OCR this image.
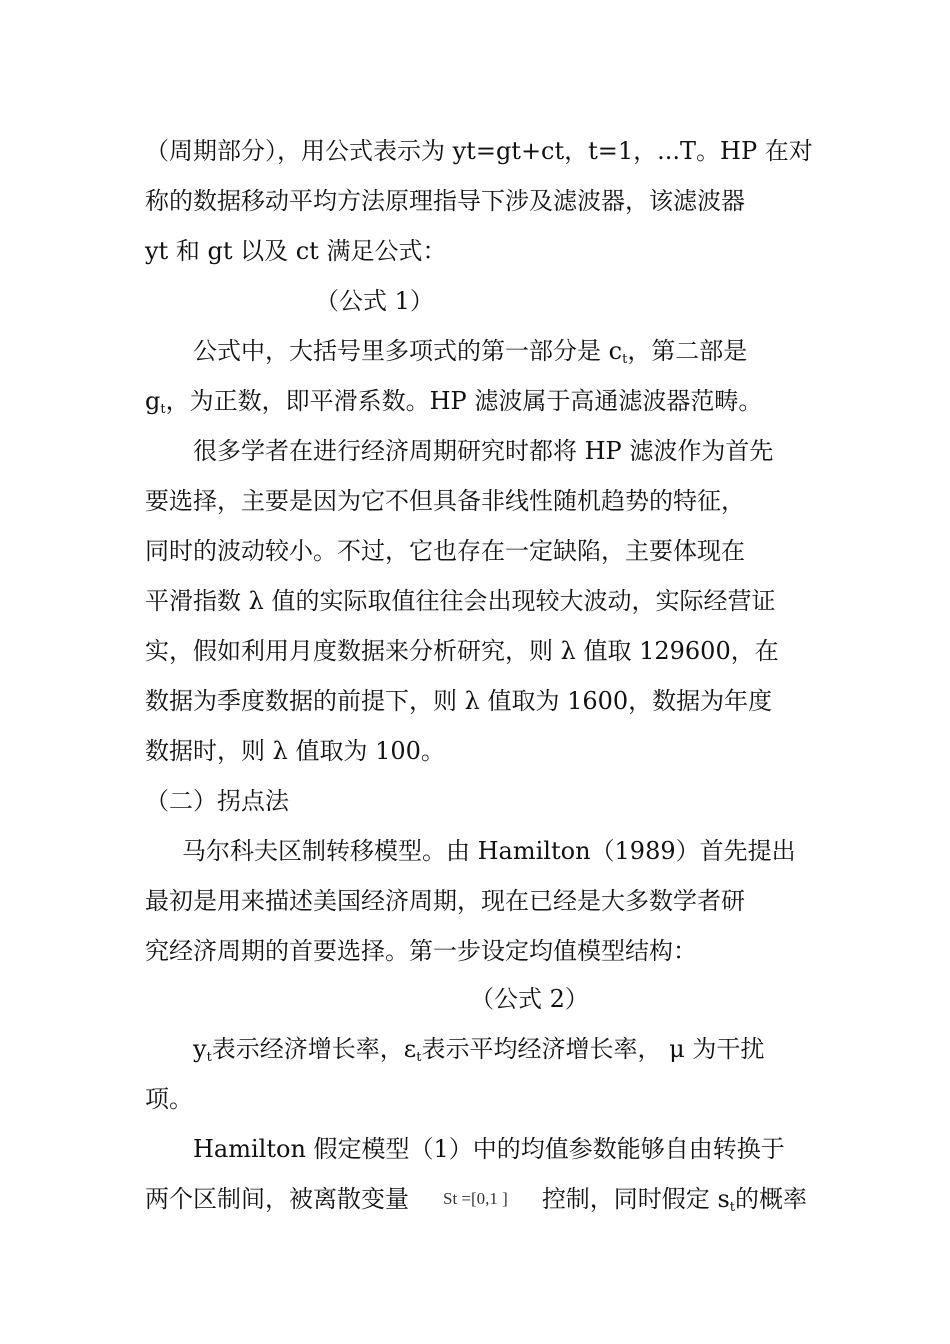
（周期部分），用公式表示为 yt=gt+ct，t=1，...T。HP 在对
称的数据移动平均方法原理指导下涉及滤波器，该滤波器
yt 和 gt 以及 ct 满足公式：
（公式 1）
公式中，大括号里多项式的第一部分是 $c_t$，第二部是
$g_t$，为正数，即平滑系数。HP 滤波属于高通滤波器范畴。
很多学者在进行经济周期研究时都将 HP 滤波作为首先
要选择，主要是因为它不但具备非线性随机趋势的特征，
同时的波动较小。不过，它也存在一定缺陷，主要体现在
平滑指数 λ 值的实际取值往往会出现较大波动，实际经营证
实，假如利用月度数据来分析研究，则 λ 值取 129600，在
数据为季度数据的前提下，则 λ 值取为 1600，数据为年度
数据时，则 λ 值取为 100。
（二）拐点法
马尔科夫区制转移模型。由 Hamilton（1989）首先提出
最初是用来描述美国经济周期，现在已经是大多数学者研
究经济周期的首要选择。第一步设定均值模型结构：
（公式 2）
$y_t$表示经济增长率，$\varepsilon_t$表示平均经济增长率， μ 为干扰
项。
Hamilton 假定模型（1）中的均值参数能够自由转换于
两个区制间，被离散变量 St =[0,1 ] 控制，同时假定 st的概率
